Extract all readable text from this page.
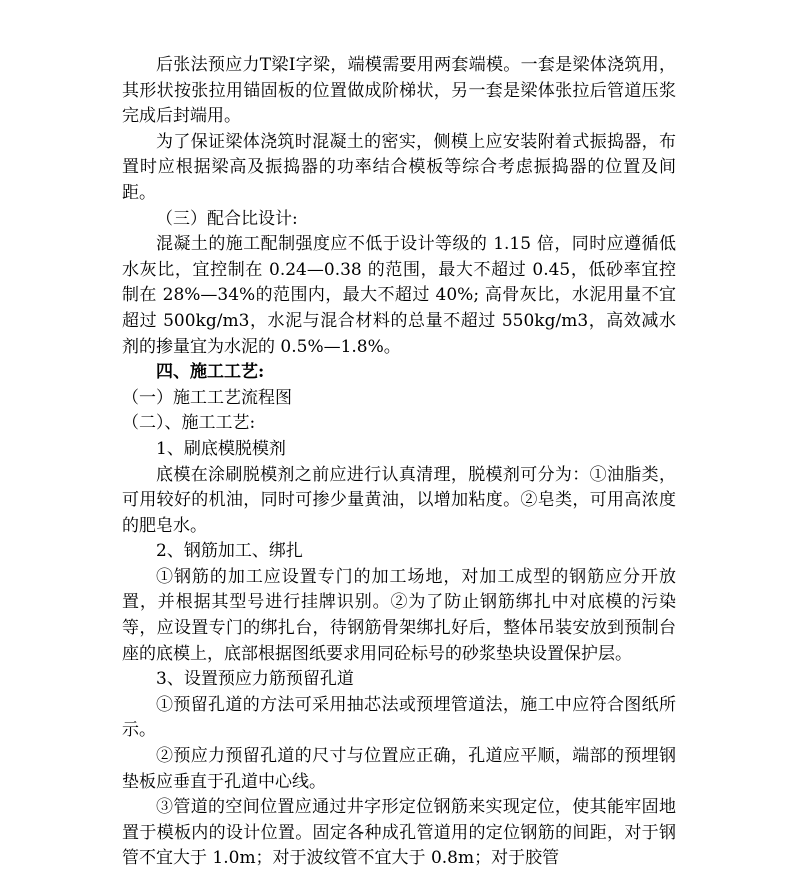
后张法预应力T梁I字梁，端模需要用两套端模。一套是梁体浇筑用，其形状按张拉用锚固板的位置做成阶梯状，另一套是梁体张拉后管道压浆完成后封端用。

为了保证梁体浇筑时混凝土的密实，侧模上应安装附着式振捣器，布置时应根据梁高及振捣器的功率结合模板等综合考虑振捣器的位置及间距。

（三）配合比设计:

混凝土的施工配制强度应不低于设计等级的 1.15 倍，同时应遵循低水灰比，宜控制在 0.24—0.38 的范围，最大不超过 0.45，低砂率宜控制在 28%—34%的范围内，最大不超过 40%; 高骨灰比，水泥用量不宜超过 500kg/m3，水泥与混合材料的总量不超过 550kg/m3，高效减水剂的掺量宜为水泥的 0.5%—1.8%。

四、施工工艺:

（一）施工工艺流程图

（二）、施工工艺:

1、刷底模脱模剂

底模在涂刷脱模剂之前应进行认真清理，脱模剂可分为：①油脂类，可用较好的机油，同时可掺少量黄油，以增加粘度。②皂类，可用高浓度的肥皂水。

2、钢筋加工、绑扎

①钢筋的加工应设置专门的加工场地，对加工成型的钢筋应分开放置，并根据其型号进行挂牌识别。②为了防止钢筋绑扎中对底模的污染等，应设置专门的绑扎台，待钢筋骨架绑扎好后，整体吊装安放到预制台座的底模上，底部根据图纸要求用同砼标号的砂浆垫块设置保护层。

3、设置预应力筋预留孔道

①预留孔道的方法可采用抽芯法或预埋管道法，施工中应符合图纸所示。

②预应力预留孔道的尺寸与位置应正确，孔道应平顺，端部的预埋钢垫板应垂直于孔道中心线。

③管道的空间位置应通过井字形定位钢筋来实现定位，使其能牢固地置于模板内的设计位置。固定各种成孔管道用的定位钢筋的间距，对于钢管不宜大于 1.0m；对于波纹管不宜大于 0.8m；对于胶管
